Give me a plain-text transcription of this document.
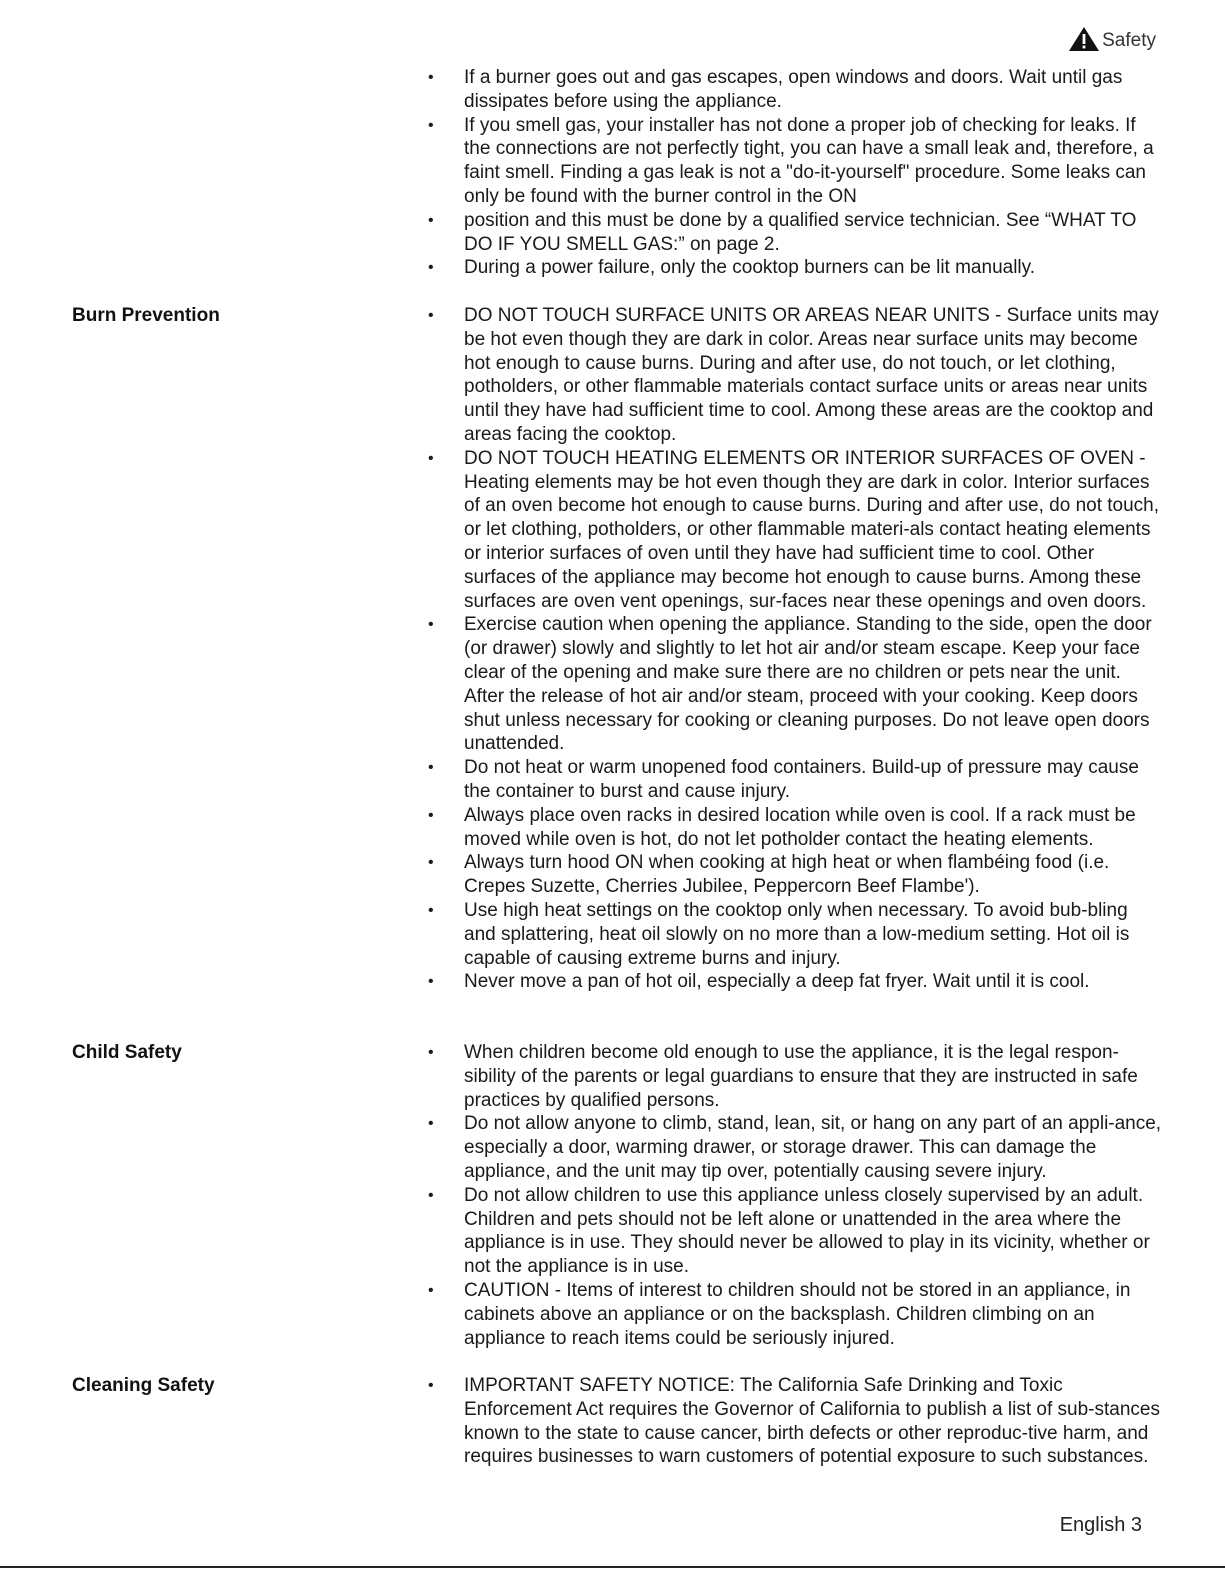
Safety
•	If a burner goes out and gas escapes, open windows and doors. Wait until gas dissipates before using the appliance.
•	If you smell gas, your installer has not done a proper job of checking for leaks. If the connections are not perfectly tight, you can have a small leak and, therefore, a faint smell. Finding a gas leak is not a "do-it-yourself" procedure. Some leaks can only be found with the burner control in the ON
•	position and this must be done by a qualified service technician. See “WHAT TO DO IF YOU SMELL GAS:” on page 2.
•	During a power failure, only the cooktop burners can be lit manually.
Burn Prevention	•	DO NOT TOUCH SURFACE UNITS OR AREAS NEAR UNITS - Surface units may be hot even though they are dark in color. Areas near surface units may become hot enough to cause burns. During and after use, do not touch, or let clothing, potholders, or other flammable materials contact surface units or areas near units until they have had sufficient time to cool. Among these areas are the cooktop and areas facing the cooktop.
•	DO NOT TOUCH HEATING ELEMENTS OR INTERIOR SURFACES OF OVEN - Heating elements may be hot even though they are dark in color. Interior surfaces of an oven become hot enough to cause burns. During and after use, do not touch, or let clothing, potholders, or other flammable materi-als contact heating elements or interior surfaces of oven until they have had sufficient time to cool. Other surfaces of the appliance may become hot enough to cause burns. Among these surfaces are oven vent openings, sur-faces near these openings and oven doors.
•	Exercise caution when opening the appliance. Standing to the side, open the door (or drawer) slowly and slightly to let hot air and/or steam escape. Keep your face clear of the opening and make sure there are no children or pets near the unit. After the release of hot air and/or steam, proceed with your cooking. Keep doors shut unless necessary for cooking or cleaning purposes. Do not leave open doors unattended.
•	Do not heat or warm unopened food containers. Build-up of pressure may cause the container to burst and cause injury.
•	Always place oven racks in desired location while oven is cool. If a rack must be moved while oven is hot, do not let potholder contact the heating elements.
•	Always turn hood ON when cooking at high heat or when flambéing food (i.e. Crepes Suzette, Cherries Jubilee, Peppercorn Beef Flambe').
•	Use high heat settings on the cooktop only when necessary. To avoid bub-bling and splattering, heat oil slowly on no more than a low-medium setting. Hot oil is capable of causing extreme burns and injury.
•	Never move a pan of hot oil, especially a deep fat fryer. Wait until it is cool.
Child Safety	•	When children become old enough to use the appliance, it is the legal respon-sibility of the parents or legal guardians to ensure that they are instructed in safe practices by qualified persons.
•	Do not allow anyone to climb, stand, lean, sit, or hang on any part of an appli-ance, especially a door, warming drawer, or storage drawer. This can damage the appliance, and the unit may tip over, potentially causing severe injury.
•	Do not allow children to use this appliance unless closely supervised by an adult. Children and pets should not be left alone or unattended in the area where the appliance is in use. They should never be allowed to play in its vicinity, whether or not the appliance is in use.
•	CAUTION - Items of interest to children should not be stored in an appliance, in cabinets above an appliance or on the backsplash. Children climbing on an appliance to reach items could be seriously injured.
Cleaning Safety	•	IMPORTANT SAFETY NOTICE: The California Safe Drinking and Toxic Enforcement Act requires the Governor of California to publish a list of sub-stances known to the state to cause cancer, birth defects or other reproduc-tive harm, and requires businesses to warn customers of potential exposure to such substances.
English 3
